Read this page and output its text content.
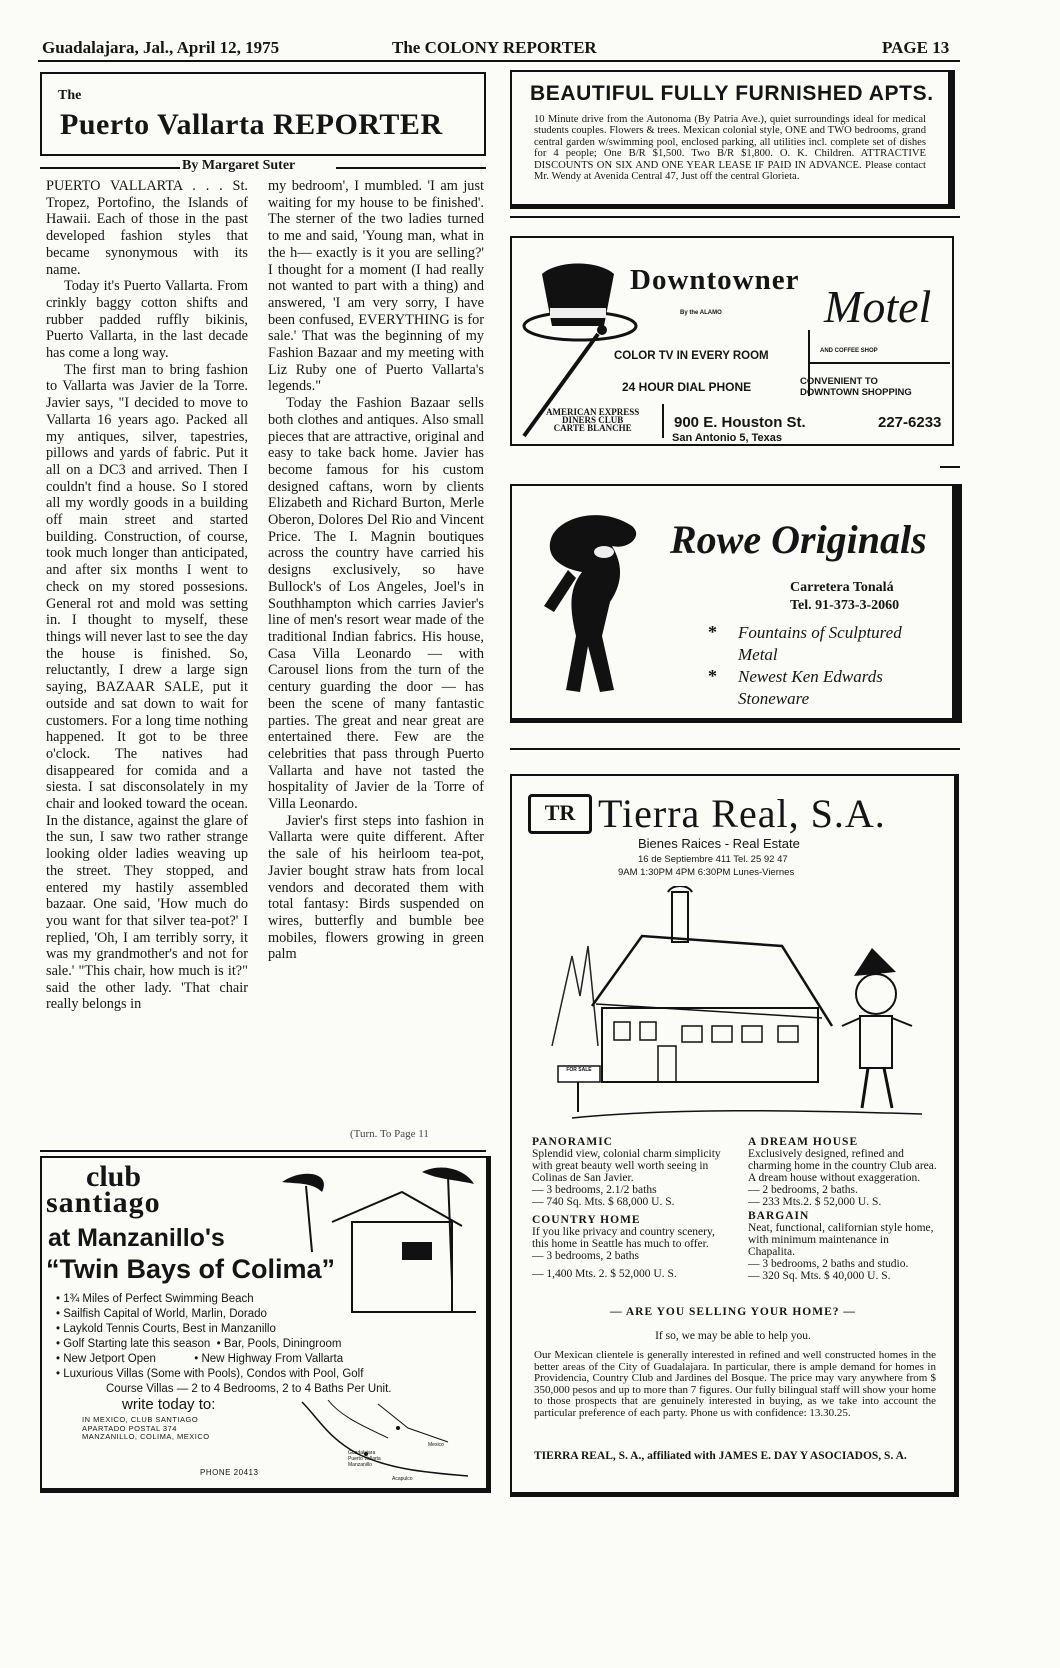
Guadalajara, Jal., April 12, 1975	The COLONY REPORTER	PAGE 13
The
Puerto Vallarta REPORTER
By Margaret Suter

PUERTO VALLARTA . . . St. Tropez, Portofino, the Islands of Hawaii. Each of those in the past developed fashion styles that became synonymous with its name.

Today it's Puerto Vallarta. From crinkly baggy cotton shifts and rubber padded ruffly bikinis, Puerto Vallarta, in the last decade has come a long way.

The first man to bring fashion to Vallarta was Javier de la Torre. Javier says, "I decided to move to Vallarta 16 years ago. Packed all my antiques, silver, tapestries, pillows and yards of fabric. Put it all on a DC3 and arrived. Then I couldn't find a house. So I stored all my wordly goods in a building off main street and started building. Construction, of course, took much longer than anticipated, and after six months I went to check on my stored possesions. General rot and mold was setting in. I thought to myself, these things will never last to see the day the house is finished. So, reluctantly, I drew a large sign saying, BAZAAR SALE, put it outside and sat down to wait for customers. For a long time nothing happened. It got to be three o'clock. The natives had disappeared for comida and a siesta. I sat disconsolately in my chair and looked toward the ocean. In the distance, against the glare of the sun, I saw two rather strange looking older ladies weaving up the street. They stopped, and entered my hastily assembled bazaar. One said, 'How much do you want for that silver tea-pot?' I replied, 'Oh, I am terribly sorry, it was my grandmother's and not for sale.' "This chair, how much is it?" said the other lady. 'That chair really belongs in

my bedroom', I mumbled. 'I am just waiting for my house to be finished'. The sterner of the two ladies turned to me and said, 'Young man, what in the h— exactly is it you are selling?' I thought for a moment (I had really not wanted to part with a thing) and answered, 'I am very sorry, I have been confused, EVERYTHING is for sale.' That was the beginning of my Fashion Bazaar and my meeting with Liz Ruby one of Puerto Vallarta's legends."

Today the Fashion Bazaar sells both clothes and antiques. Also small pieces that are attractive, original and easy to take back home. Javier has become famous for his custom designed caftans, worn by clients Elizabeth and Richard Burton, Merle Oberon, Dolores Del Rio and Vincent Price. The I. Magnin boutiques across the country have carried his designs exclusively, so have Bullock's of Los Angeles, Joel's in Southhampton which carries Javier's line of men's resort wear made of the traditional Indian fabrics. His house, Casa Villa Leonardo — with Carousel lions from the turn of the century guarding the door — has been the scene of many fantastic parties. The great and near great are entertained there. Few are the celebrities that pass through Puerto Vallarta and have not tasted the hospitality of Javier de la Torre of Villa Leonardo.

Javier's first steps into fashion in Vallarta were quite different. After the sale of his heirloom tea-pot, Javier bought straw hats from local vendors and decorated them with total fantasy: Birds suspended on wires, butterfly and bumble bee mobiles, flowers growing in green palm

(Turn. To Page 11
BEAUTIFUL FULLY FURNISHED APTS.
10 Minute drive from the Autonoma (By Patria Ave.), quiet surroundings ideal for medical students couples. Flowers & trees. Mexican colonial style, ONE and TWO bedrooms, grand central garden w/swimming pool, enclosed parking, all utilities incl. complete set of dishes for 4 people; One B/R $1,500. Two B/R $1,800. O. K. Children. ATTRACTIVE DISCOUNTS ON SIX AND ONE YEAR LEASE IF PAID IN ADVANCE. Please contact Mr. Wendy at Avenida Central 47, Just off the central Glorieta.
Downtowner
Motel
By the ALAMO
COLOR TV IN EVERY ROOM
24 HOUR DIAL PHONE
AND COFFEE SHOP
CONVENIENT TO DOWNTOWN SHOPPING
AMERICAN EXPRESS
DINERS CLUB
CARTE BLANCHE	900 E. Houston St.
San Antonio 5, Texas
227-6233
Rowe Originals
Carretera Tonalá
Tel. 91-373-3-2060
* Fountains of Sculptured Metal
* Newest Ken Edwards Stoneware
TR Tierra Real, S.A.
Bienes Raices - Real Estate
16 de Septiembre 411 Tel. 25 92 47
9AM 1:30PM 4PM 6:30PM Lunes-Viernes
FOR SALE
PANORAMIC
Splendid view, colonial charm simplicity with great beauty well worth seeing in Colinas de San Javier.
— 3 bedrooms, 2.1/2 baths
— 740 Sq. Mts. $ 68,000 U. S.
COUNTRY HOME
If you like privacy and country scenery, this home in Seattle has much to offer.
— 3 bedrooms, 2 baths
— 1,400 Mts. 2. $ 52,000 U. S.
A DREAM HOUSE
Exclusively designed, refined and charming home in the country Club area. A dream house without exaggeration.
— 2 bedrooms, 2 baths.
— 233 Mts.2. $ 52,000 U. S.
BARGAIN
Neat, functional, californian style home, with minimum maintenance in Chapalita.
— 3 bedrooms, 2 baths and studio.
— 320 Sq. Mts. $ 40,000 U. S.
— ARE YOU SELLING YOUR HOME? —
If so, we may be able to help you.
Our Mexican clientele is generally interested in refined and well constructed homes in the better areas of the City of Guadalajara. In particular, there is ample demand for homes in Providencia, Country Club and Jardines del Bosque. The price may vary anywhere from $ 350,000 pesos and up to more than 7 figures. Our fully bilingual staff will show your home to those prospects that are genuinely interested in buying, as we take into account the particular preference of each party. Phone us with confidence: 13.30.25.
TIERRA REAL, S. A., affiliated with JAMES E. DAY Y ASOCIADOS, S. A.
club
santiago
at Manzanillo's
“Twin Bays of Colima”
• 1¾ Miles of Perfect Swimming Beach
• Sailfish Capital of World, Marlin, Dorado
• Laykold Tennis Courts, Best in Manzanillo
• Golf Starting late this season  • Bar, Pools, Diningroom
• New Jetport Open            • New Highway From Vallarta
• Luxurious Villas (Some with Pools), Condos with Pool, Golf
Course Villas — 2 to 4 Bedrooms, 2 to 4 Baths Per Unit.
write today to:
IN MEXICO, CLUB SANTIAGO
APARTADO POSTAL 374
MANZANILLO, COLIMA, MEXICO
PHONE 20413
Guadalajara
Puerto Vallarta
Manzanillo
Mexico
Acapulco
